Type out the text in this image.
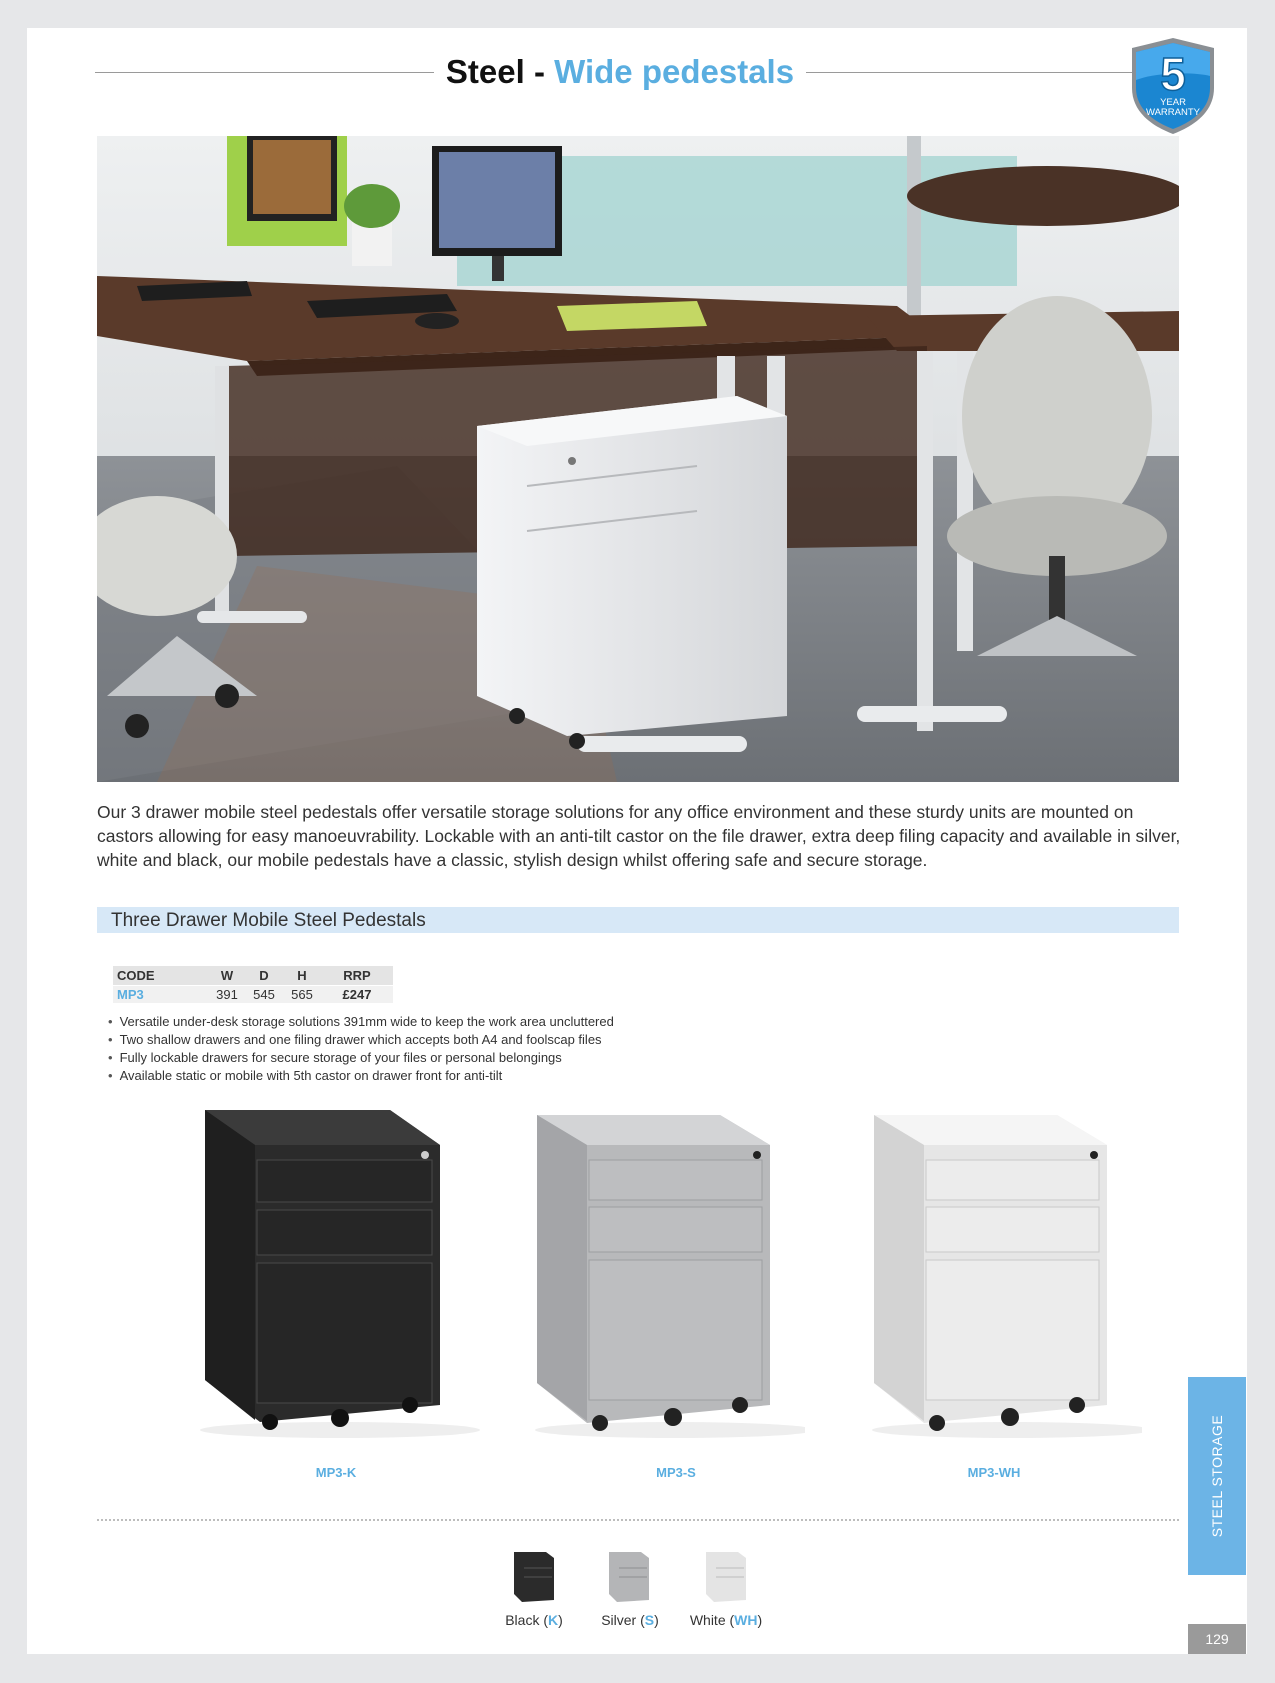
Steel - Wide pedestals	5
YEAR
WARRANTY
Our 3 drawer mobile steel pedestals offer versatile storage solutions for any office environment and these sturdy units are mounted on castors allowing for easy manoeuvrability. Lockable with an anti-tilt castor on the file drawer, extra deep filing capacity and available in silver, white and black, our mobile pedestals have a classic, stylish design whilst offering safe and secure storage.
Three Drawer Mobile Steel Pedestals
CODE	W	D	H	RRP
MP3	391	545	565	£247
• Versatile under-desk storage solutions 391mm wide to keep the work area uncluttered
• Two shallow drawers and one filing drawer which accepts both A4 and foolscap files
• Fully lockable drawers for secure storage of your files or personal belongings
• Available static or mobile with 5th castor on drawer front for anti-tilt
MP3-K	MP3-S	MP3-WH
Black (K)	Silver (S)	White (WH)
STEEL STORAGE
129
